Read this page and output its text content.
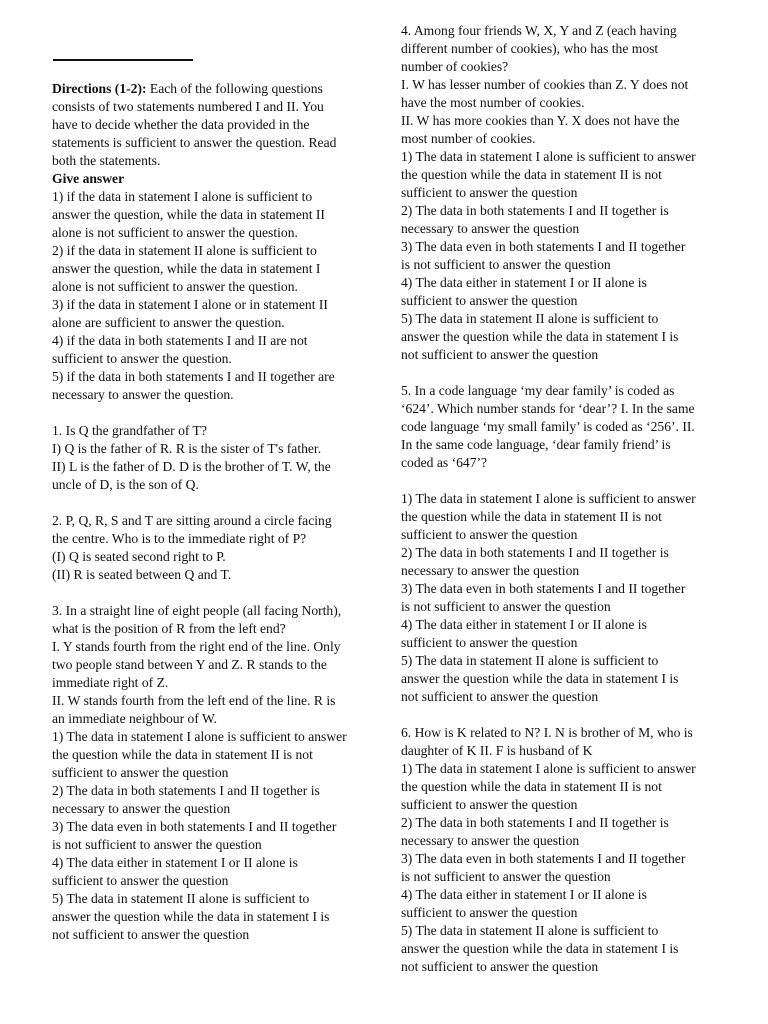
Directions (1-2): Each of the following questions
consists of two statements numbered I and II. You
have to decide whether the data provided in the
statements is sufficient to answer the question. Read
both the statements.
Give answer
1) if the data in statement I alone is sufficient to
answer the question, while the data in statement II
alone is not sufficient to answer the question.
2) if the data in statement II alone is sufficient to
answer the question, while the data in statement I
alone is not sufficient to answer the question.
3) if the data in statement I alone or in statement II
alone are sufficient to answer the question.
4) if the data in both statements I and II are not
sufficient to answer the question.
5) if the data in both statements I and II together are
necessary to answer the question.
1. Is Q the grandfather of T?
I) Q is the father of R. R is the sister of T's father.
II) L is the father of D. D is the brother of T. W, the
uncle of D, is the son of Q.
2. P, Q, R, S and T are sitting around a circle facing
the centre. Who is to the immediate right of P?
(I) Q is seated second right to P.
(II) R is seated between Q and T.
3. In a straight line of eight people (all facing North),
what is the position of R from the left end?
I. Y stands fourth from the right end of the line. Only
two people stand between Y and Z. R stands to the
immediate right of Z.
II. W stands fourth from the left end of the line. R is
an immediate neighbour of W.
1) The data in statement I alone is sufficient to answer
the question while the data in statement II is not
sufficient to answer the question
2) The data in both statements I and II together is
necessary to answer the question
3) The data even in both statements I and II together
is not sufficient to answer the question
4) The data either in statement I or II alone is
sufficient to answer the question
5) The data in statement II alone is sufficient to
answer the question while the data in statement I is
not sufficient to answer the question
4. Among four friends W, X, Y and Z (each having
different number of cookies), who has the most
number of cookies?
I. W has lesser number of cookies than Z. Y does not
have the most number of cookies.
II. W has more cookies than Y. X does not have the
most number of cookies.
1) The data in statement I alone is sufficient to answer
the question while the data in statement II is not
sufficient to answer the question
2) The data in both statements I and II together is
necessary to answer the question
3) The data even in both statements I and II together
is not sufficient to answer the question
4) The data either in statement I or II alone is
sufficient to answer the question
5) The data in statement II alone is sufficient to
answer the question while the data in statement I is
not sufficient to answer the question
5. In a code language ‘my dear family’ is coded as
‘624’. Which number stands for ‘dear’? I. In the same
code language ‘my small family’ is coded as ‘256’. II.
In the same code language, ‘dear family friend’ is
coded as ‘647’?
1) The data in statement I alone is sufficient to answer
the question while the data in statement II is not
sufficient to answer the question
2) The data in both statements I and II together is
necessary to answer the question
3) The data even in both statements I and II together
is not sufficient to answer the question
4) The data either in statement I or II alone is
sufficient to answer the question
5) The data in statement II alone is sufficient to
answer the question while the data in statement I is
not sufficient to answer the question
6. How is K related to N? I. N is brother of M, who is
daughter of K II. F is husband of K
1) The data in statement I alone is sufficient to answer
the question while the data in statement II is not
sufficient to answer the question
2) The data in both statements I and II together is
necessary to answer the question
3) The data even in both statements I and II together
is not sufficient to answer the question
4) The data either in statement I or II alone is
sufficient to answer the question
5) The data in statement II alone is sufficient to
answer the question while the data in statement I is
not sufficient to answer the question
